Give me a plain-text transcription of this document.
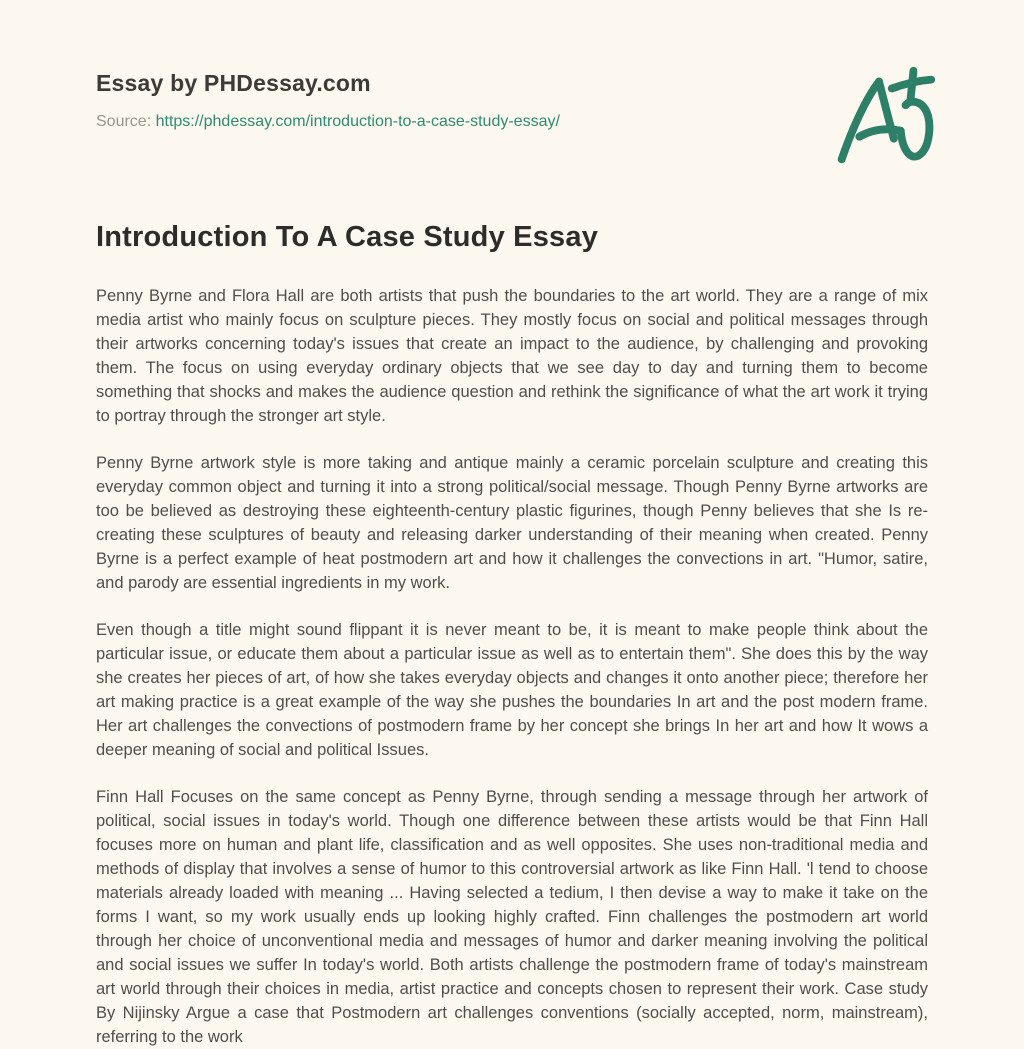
Essay by PHDessay.com

Source: https://phdessay.com/introduction-to-a-case-study-essay/

Introduction To A Case Study Essay

Penny Byrne and Flora Hall are both artists that push the boundaries to the art world. They are a range of mix media artist who mainly focus on sculpture pieces. They mostly focus on social and political messages through their artworks concerning today's issues that create an impact to the audience, by challenging and provoking them. The focus on using everyday ordinary objects that we see day to day and turning them to become something that shocks and makes the audience question and rethink the significance of what the art work it trying to portray through the stronger art style.

Penny Byrne artwork style is more taking and antique mainly a ceramic porcelain sculpture and creating this everyday common object and turning it into a strong political/social message. Though Penny Byrne artworks are too be believed as destroying these eighteenth-century plastic figurines, though Penny believes that she Is re-creating these sculptures of beauty and releasing darker understanding of their meaning when created. Penny Byrne is a perfect example of heat postmodern art and how it challenges the convections in art. "Humor, satire, and parody are essential ingredients in my work.

Even though a title might sound flippant it is never meant to be, it is meant to make people think about the particular issue, or educate them about a particular issue as well as to entertain them". She does this by the way she creates her pieces of art, of how she takes everyday objects and changes it onto another piece; therefore her art making practice is a great example of the way she pushes the boundaries In art and the post modern frame. Her art challenges the convections of postmodern frame by her concept she brings In her art and how It wows a deeper meaning of social and political Issues.

Finn Hall Focuses on the same concept as Penny Byrne, through sending a message through her artwork of political, social issues in today's world. Though one difference between these artists would be that Finn Hall focuses more on human and plant life, classification and as well opposites. She uses non-traditional media and methods of display that involves a sense of humor to this controversial artwork as like Finn Hall. 'l tend to choose materials already loaded with meaning ... Having selected a tedium, I then devise a way to make it take on the forms I want, so my work usually ends up looking highly crafted. Finn challenges the postmodern art world through her choice of unconventional media and messages of humor and darker meaning involving the political and social issues we suffer In today's world. Both artists challenge the postmodern frame of today's mainstream art world through their choices in media, artist practice and concepts chosen to represent their work. Case study By Nijinsky Argue a case that Postmodern art challenges conventions (socially accepted, norm, mainstream), referring to the work
